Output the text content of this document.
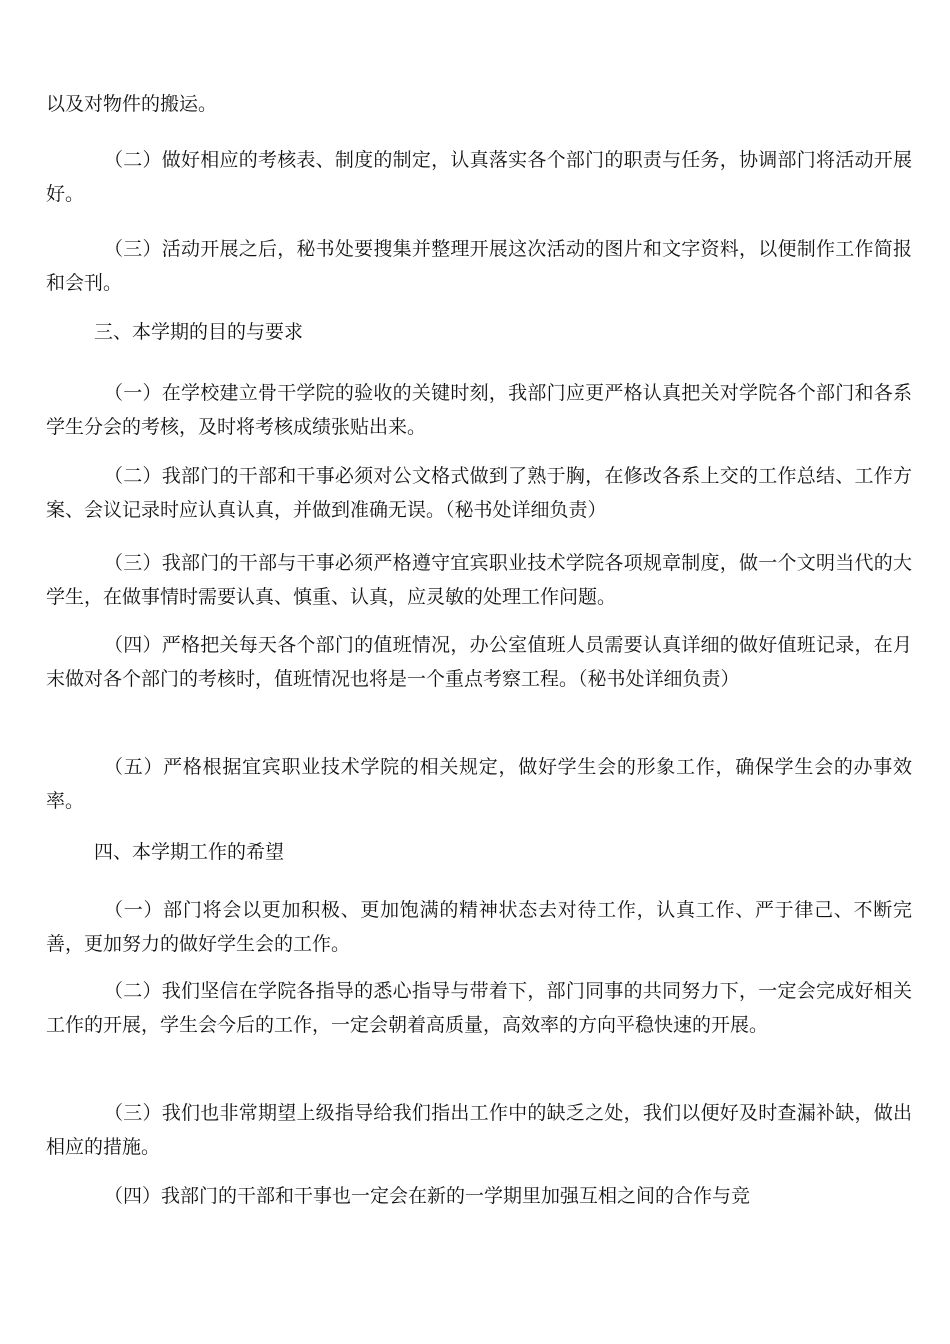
以及对物件的搬运。

（二）做好相应的考核表、制度的制定，认真落实各个部门的职责与任务，协调部门将活动开展好。

（三）活动开展之后，秘书处要搜集并整理开展这次活动的图片和文字资料，以便制作工作简报和会刊。

三、本学期的目的与要求

（一）在学校建立骨干学院的验收的关键时刻，我部门应更严格认真把关对学院各个部门和各系学生分会的考核，及时将考核成绩张贴出来。

（二）我部门的干部和干事必须对公文格式做到了熟于胸，在修改各系上交的工作总结、工作方案、会议记录时应认真认真，并做到准确无误。（秘书处详细负责）

（三）我部门的干部与干事必须严格遵守宜宾职业技术学院各项规章制度，做一个文明当代的大学生，在做事情时需要认真、慎重、认真，应灵敏的处理工作问题。

（四）严格把关每天各个部门的值班情况，办公室值班人员需要认真详细的做好值班记录，在月末做对各个部门的考核时，值班情况也将是一个重点考察工程。（秘书处详细负责）

（五）严格根据宜宾职业技术学院的相关规定，做好学生会的形象工作，确保学生会的办事效率。

四、本学期工作的希望

（一）部门将会以更加积极、更加饱满的精神状态去对待工作，认真工作、严于律己、不断完善，更加努力的做好学生会的工作。

（二）我们坚信在学院各指导的悉心指导与带着下，部门同事的共同努力下，一定会完成好相关工作的开展，学生会今后的工作，一定会朝着高质量，高效率的方向平稳快速的开展。

（三）我们也非常期望上级指导给我们指出工作中的缺乏之处，我们以便好及时查漏补缺，做出相应的措施。

（四）我部门的干部和干事也一定会在新的一学期里加强互相之间的合作与竞
